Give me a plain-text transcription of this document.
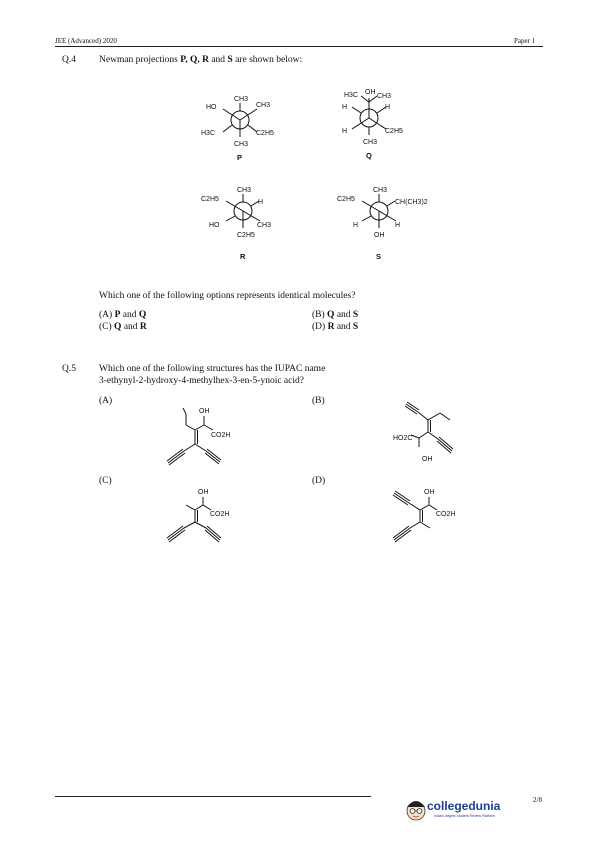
JEE (Advanced) 2020	Paper 1
Q.4 Newman projections P, Q, R and S are shown below:
CH3
CH3
HO
H3C	C2H5
CH3
P
OH
H3C	CH3
H	H
H	C2H5
CH3
Q
CH3
H
C2H5
HO	CH3
C2H5
R
CH3
CH(CH3)2
C2H5
H	H
OH
S
Which one of the following options represents identical molecules?
(A) P and Q	(B) Q and S
(C) Q and R	(D) R and S
Q.5 Which one of the following structures has the IUPAC name
3-ethynyl-2-hydroxy-4-methylhex-3-en-5-ynoic acid?
(A)	(B)
(C)	(D)
OH
CO2H	HO2C
OH
OH
CO2H
OH
CO2H
2/8
collegedunia
India's largest Student Review Platform
